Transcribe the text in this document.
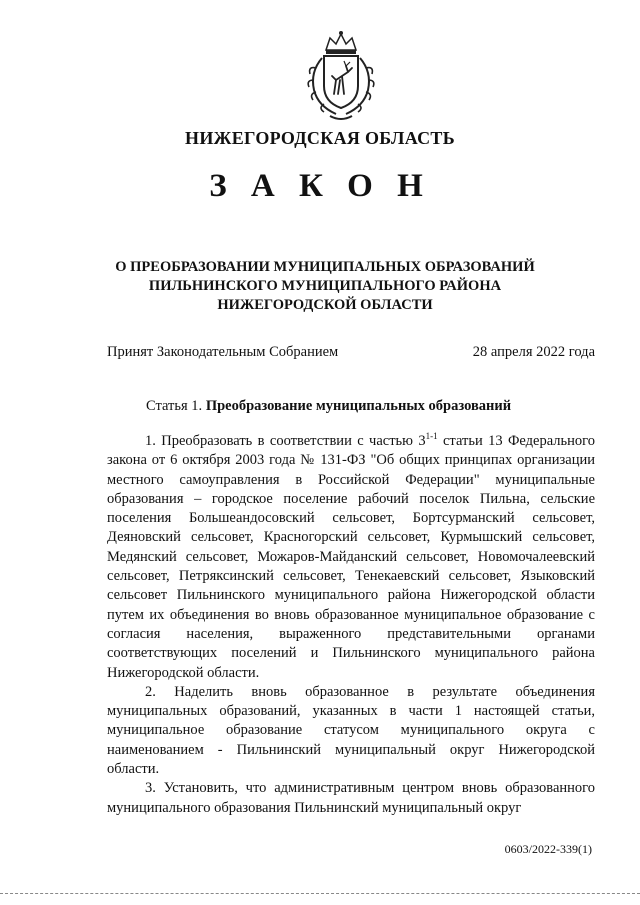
НИЖЕГОРОДСКАЯ ОБЛАСТЬ
З А К О Н
О ПРЕОБРАЗОВАНИИ МУНИЦИПАЛЬНЫХ ОБРАЗОВАНИЙ
ПИЛЬНИНСКОГО МУНИЦИПАЛЬНОГО РАЙОНА
НИЖЕГОРОДСКОЙ ОБЛАСТИ
Принят Законодательным Собранием	28 апреля 2022 года
Статья 1. Преобразование муниципальных образований

1. Преобразовать в соответствии с частью 3$^{1-1}$ статьи 13 Федерального закона от 6 октября 2003 года № 131-ФЗ "Об общих принципах организации местного самоуправления в Российской Федерации" муниципальные образования – городское поселение рабочий поселок Пильна, сельские поселения Большеандосовский сельсовет, Бортсурманский сельсовет, Деяновский сельсовет, Красногорский сельсовет, Курмышский сельсовет, Медянский сельсовет, Можаров-Майданский сельсовет, Новомочалеевский сельсовет, Петряксинский сельсовет, Тенекаевский сельсовет, Языковский сельсовет Пильнинского муниципального района Нижегородской области путем их объединения во вновь образованное муниципальное образование с согласия населения, выраженного представительными органами соответствующих поселений и Пильнинского муниципального района Нижегородской области.

2. Наделить вновь образованное в результате объединения муниципальных образований, указанных в части 1 настоящей статьи, муниципальное образование статусом муниципального округа с наименованием - Пильнинский муниципальный округ Нижегородской области.

3. Установить, что административным центром вновь образованного муниципального образования Пильнинский муниципальный округ

0603/2022-339(1)
